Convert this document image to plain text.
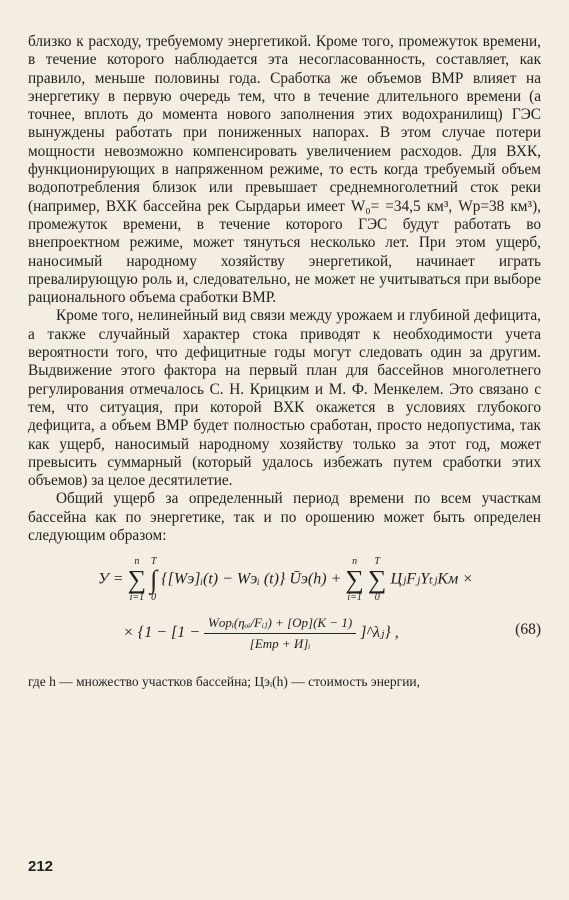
близко к расходу, требуемому энергетикой. Кроме того, промежуток времени, в течение которого наблюдается эта несогласованность, составляет, как правило, меньше половины года. Сработка же объемов ВМР влияет на энергетику в первую очередь тем, что в течение длительного времени (а точнее, вплоть до момента нового заполнения этих водохранилищ) ГЭС вынуждены работать при пониженных напорах. В этом случае потери мощности невозможно компенсировать увеличением расходов. Для ВХК, функционирующих в напряженном режиме, то есть когда требуемый объем водопотребления близок или превышает среднемноголетний сток реки (например, ВХК бассейна рек Сырдарьи имеет W₀= =34,5 км³, Wр=38 км³), промежуток времени, в течение которого ГЭС будут работать во внепроектном режиме, может тянуться несколько лет. При этом ущерб, наносимый народному хозяйству энергетикой, начинает играть превалирующую роль и, следовательно, не может не учитываться при выборе рационального объема сработки ВМР.

Кроме того, нелинейный вид связи между урожаем и глубиной дефицита, а также случайный характер стока приводят к необходимости учета вероятности того, что дефицитные годы могут следовать один за другим. Выдвижение этого фактора на первый план для бассейнов многолетнего регулирования отмечалось С. Н. Крицким и М. Ф. Менкелем. Это связано с тем, что ситуация, при которой ВХК окажется в условиях глубокого дефицита, а объем ВМР будет полностью сработан, просто недопустима, так как ущерб, наносимый народному хозяйству только за этот год, может превысить суммарный (который удалось избежать путем сработки этих объемов) за целое десятилетие.

Общий ущерб за определенный период времени по всем участкам бассейна как по энергетике, так и по орошению может быть определен следующим образом:

У =
n
∑
i=1

T
∫
0
{[Wэ]ᵢ(t) − Wэᵢ (t)} Ūэ(h) +
n
∑
i=1

T
∑
0
ЦⱼFⱼYₜⱼKм ×
× {$1 - [1 - \frac{\text{Wорᵢ(ηₒᵢ/Fᵢⱼ) + [Oр](K − 1)}}{\text{[Eтр + И]ᵢ}}$ ]^λⱼ} ,	(68)

где h — множество участков бассейна; Цэᵢ(h) — стоимость энергии,

212
